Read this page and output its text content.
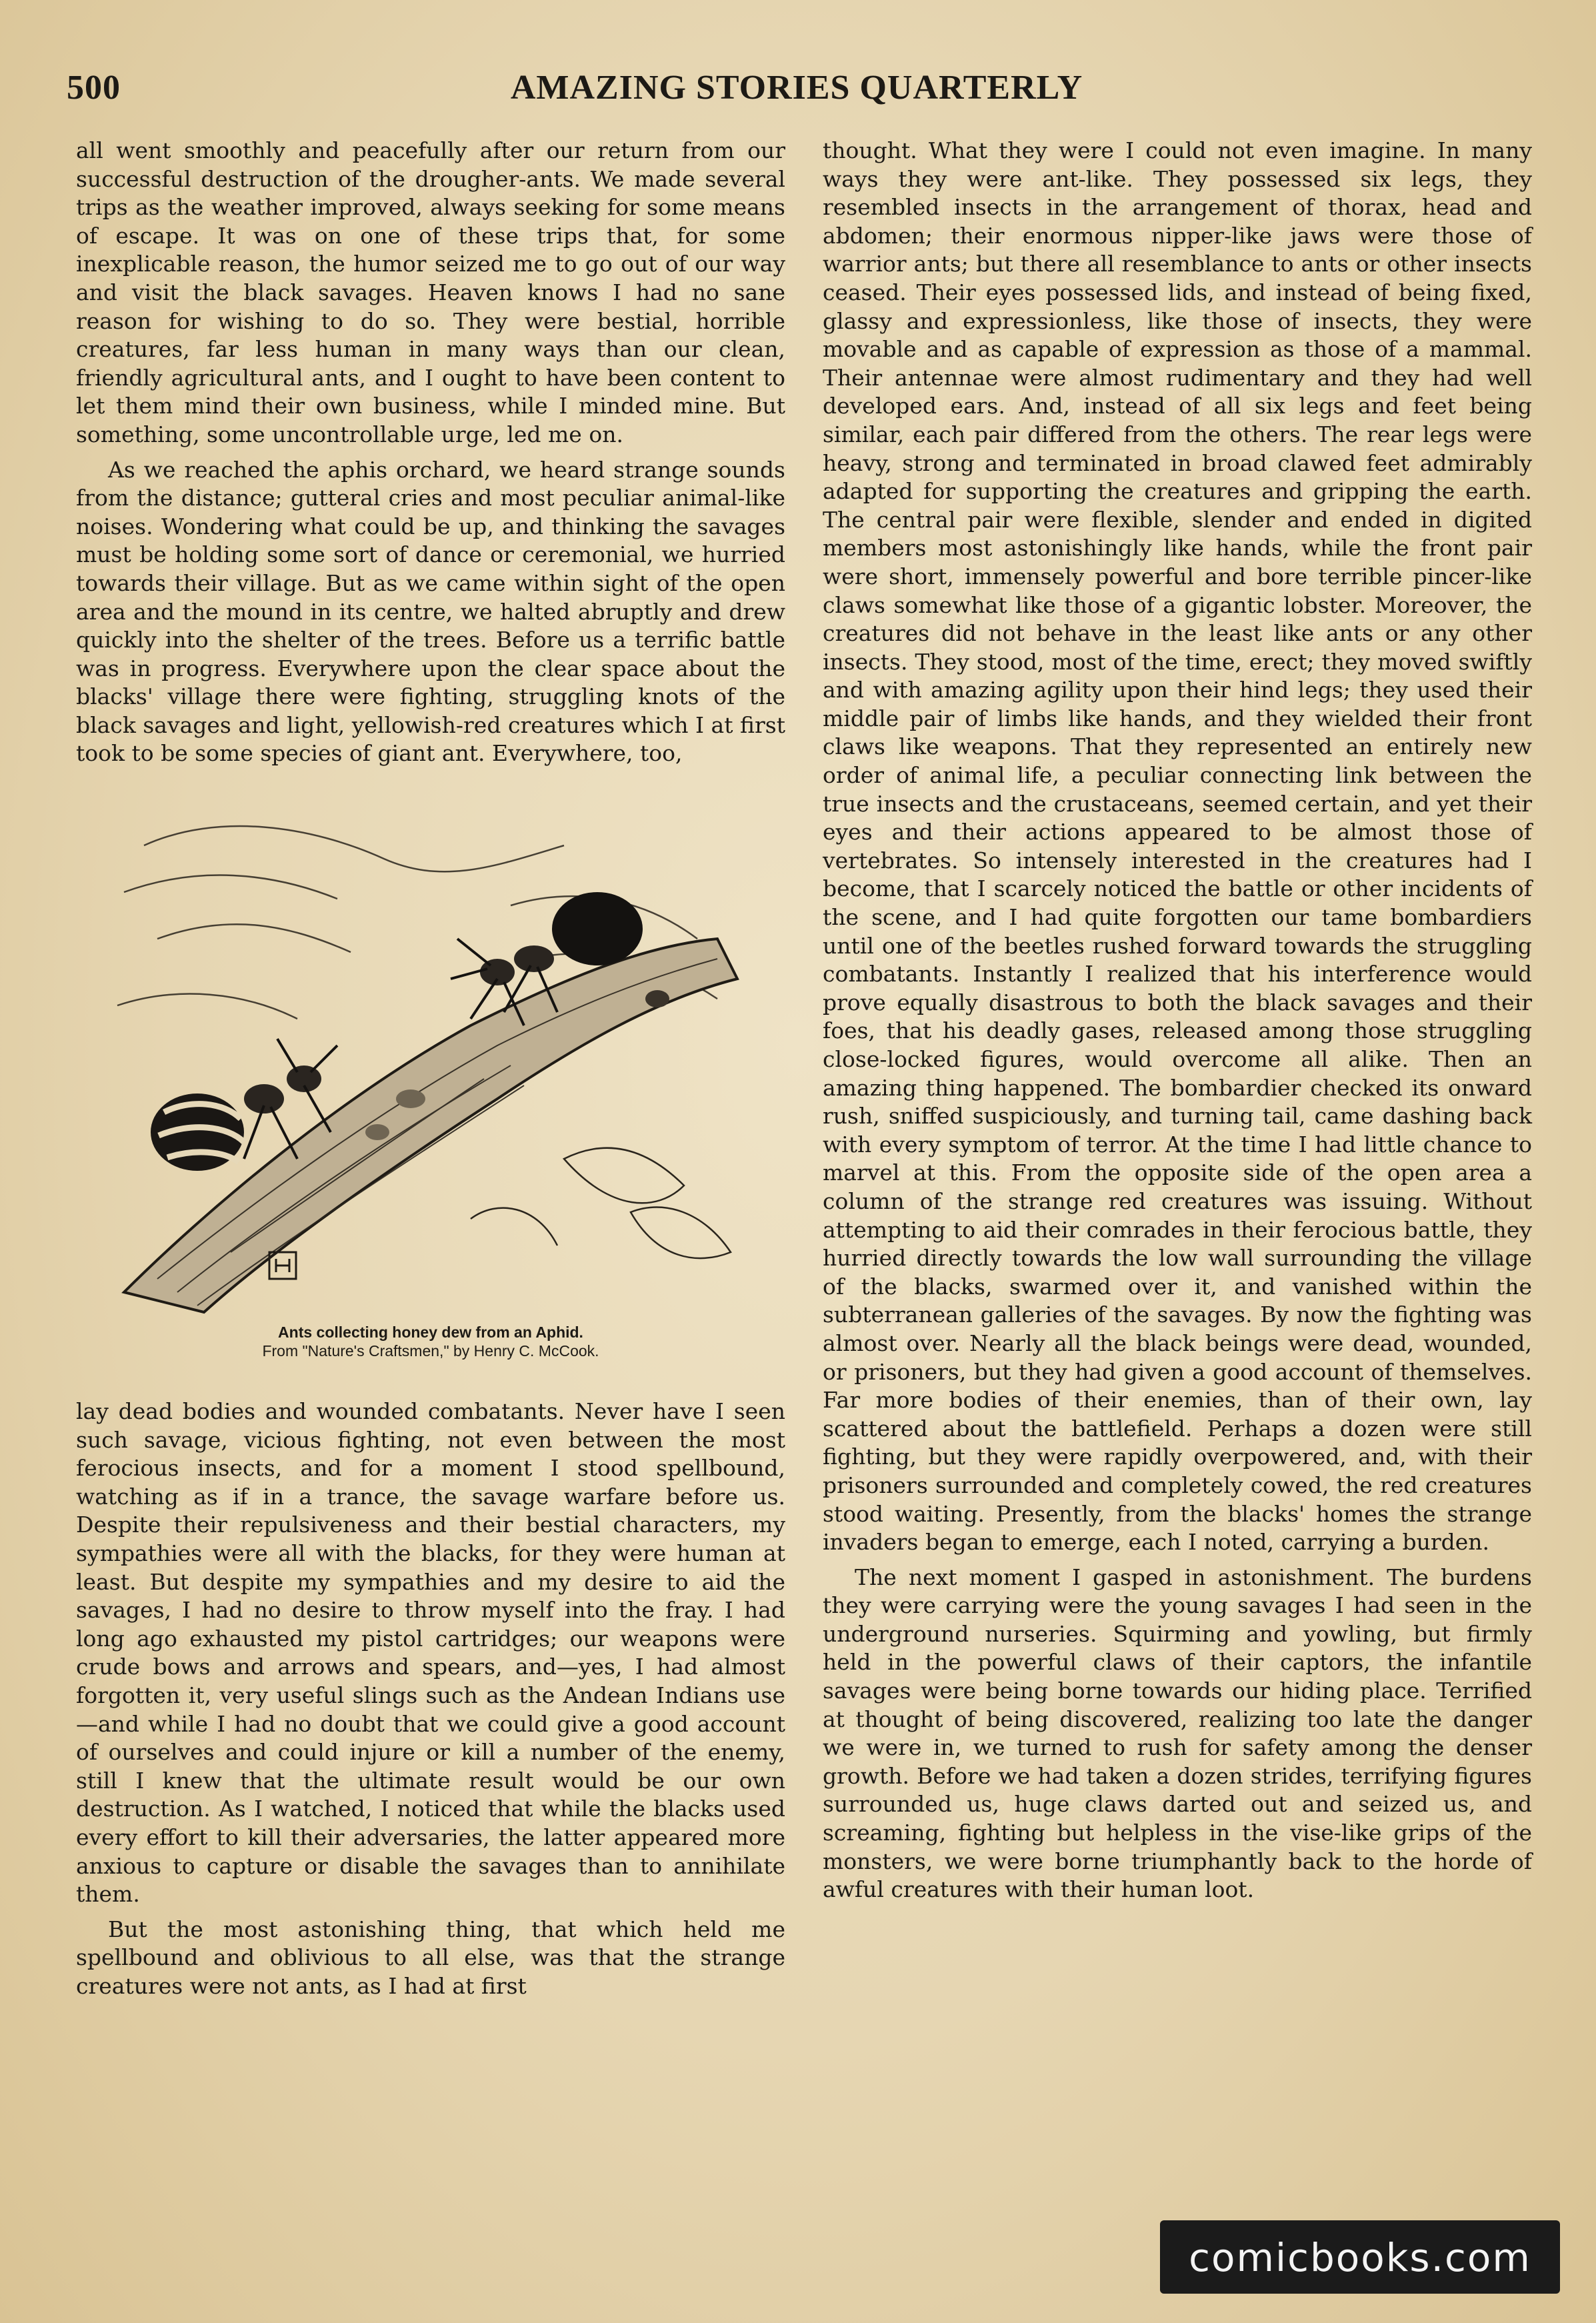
500	AMAZING STORIES QUARTERLY

all went smoothly and peacefully after our return from our successful destruction of the drougher-ants. We made several trips as the weather improved, always seeking for some means of escape. It was on one of these trips that, for some inexplicable reason, the humor seized me to go out of our way and visit the black savages. Heaven knows I had no sane reason for wishing to do so. They were bestial, horrible creatures, far less human in many ways than our clean, friendly agricultural ants, and I ought to have been content to let them mind their own business, while I minded mine. But something, some uncontrollable urge, led me on.

As we reached the aphis orchard, we heard strange sounds from the distance; gutteral cries and most peculiar animal-like noises. Wondering what could be up, and thinking the savages must be holding some sort of dance or ceremonial, we hurried towards their village. But as we came within sight of the open area and the mound in its centre, we halted abruptly and drew quickly into the shelter of the trees. Before us a terrific battle was in progress. Everywhere upon the clear space about the blacks' village there were fighting, struggling knots of the black savages and light, yellowish-red creatures which I at first took to be some species of giant ant. Everywhere, too,

Ants collecting honey dew from an Aphid.
From "Nature's Craftsmen," by Henry C. McCook.

lay dead bodies and wounded combatants. Never have I seen such savage, vicious fighting, not even between the most ferocious insects, and for a moment I stood spellbound, watching as if in a trance, the savage warfare before us. Despite their repulsiveness and their bestial characters, my sympathies were all with the blacks, for they were human at least. But despite my sympathies and my desire to aid the savages, I had no desire to throw myself into the fray. I had long ago exhausted my pistol cartridges; our weapons were crude bows and arrows and spears, and—yes, I had almost forgotten it, very useful slings such as the Andean Indians use—and while I had no doubt that we could give a good account of ourselves and could injure or kill a number of the enemy, still I knew that the ultimate result would be our own destruction. As I watched, I noticed that while the blacks used every effort to kill their adversaries, the latter appeared more anxious to capture or disable the savages than to annihilate them.

But the most astonishing thing, that which held me spellbound and oblivious to all else, was that the strange creatures were not ants, as I had at first

thought. What they were I could not even imagine. In many ways they were ant-like. They possessed six legs, they resembled insects in the arrangement of thorax, head and abdomen; their enormous nipper-like jaws were those of warrior ants; but there all resemblance to ants or other insects ceased. Their eyes possessed lids, and instead of being fixed, glassy and expressionless, like those of insects, they were movable and as capable of expression as those of a mammal. Their antennae were almost rudimentary and they had well developed ears. And, instead of all six legs and feet being similar, each pair differed from the others. The rear legs were heavy, strong and terminated in broad clawed feet admirably adapted for supporting the creatures and gripping the earth. The central pair were flexible, slender and ended in digited members most astonishingly like hands, while the front pair were short, immensely powerful and bore terrible pincer-like claws somewhat like those of a gigantic lobster. Moreover, the creatures did not behave in the least like ants or any other insects. They stood, most of the time, erect; they moved swiftly and with amazing agility upon their hind legs; they used their middle pair of limbs like hands, and they wielded their front claws like weapons. That they represented an entirely new order of animal life, a peculiar connecting link between the true insects and the crustaceans, seemed certain, and yet their eyes and their actions appeared to be almost those of vertebrates. So intensely interested in the creatures had I become, that I scarcely noticed the battle or other incidents of the scene, and I had quite forgotten our tame bombardiers until one of the beetles rushed forward towards the struggling combatants. Instantly I realized that his interference would prove equally disastrous to both the black savages and their foes, that his deadly gases, released among those struggling close-locked figures, would overcome all alike. Then an amazing thing happened. The bombardier checked its onward rush, sniffed suspiciously, and turning tail, came dashing back with every symptom of terror. At the time I had little chance to marvel at this. From the opposite side of the open area a column of the strange red creatures was issuing. Without attempting to aid their comrades in their ferocious battle, they hurried directly towards the low wall surrounding the village of the blacks, swarmed over it, and vanished within the subterranean galleries of the savages. By now the fighting was almost over. Nearly all the black beings were dead, wounded, or prisoners, but they had given a good account of themselves. Far more bodies of their enemies, than of their own, lay scattered about the battlefield. Perhaps a dozen were still fighting, but they were rapidly overpowered, and, with their prisoners surrounded and completely cowed, the red creatures stood waiting. Presently, from the blacks' homes the strange invaders began to emerge, each I noted, carrying a burden.

The next moment I gasped in astonishment. The burdens they were carrying were the young savages I had seen in the underground nurseries. Squirming and yowling, but firmly held in the powerful claws of their captors, the infantile savages were being borne towards our hiding place. Terrified at thought of being discovered, realizing too late the danger we were in, we turned to rush for safety among the denser growth. Before we had taken a dozen strides, terrifying figures surrounded us, huge claws darted out and seized us, and screaming, fighting but helpless in the vise-like grips of the monsters, we were borne triumphantly back to the horde of awful creatures with their human loot.

comicbooks.com
